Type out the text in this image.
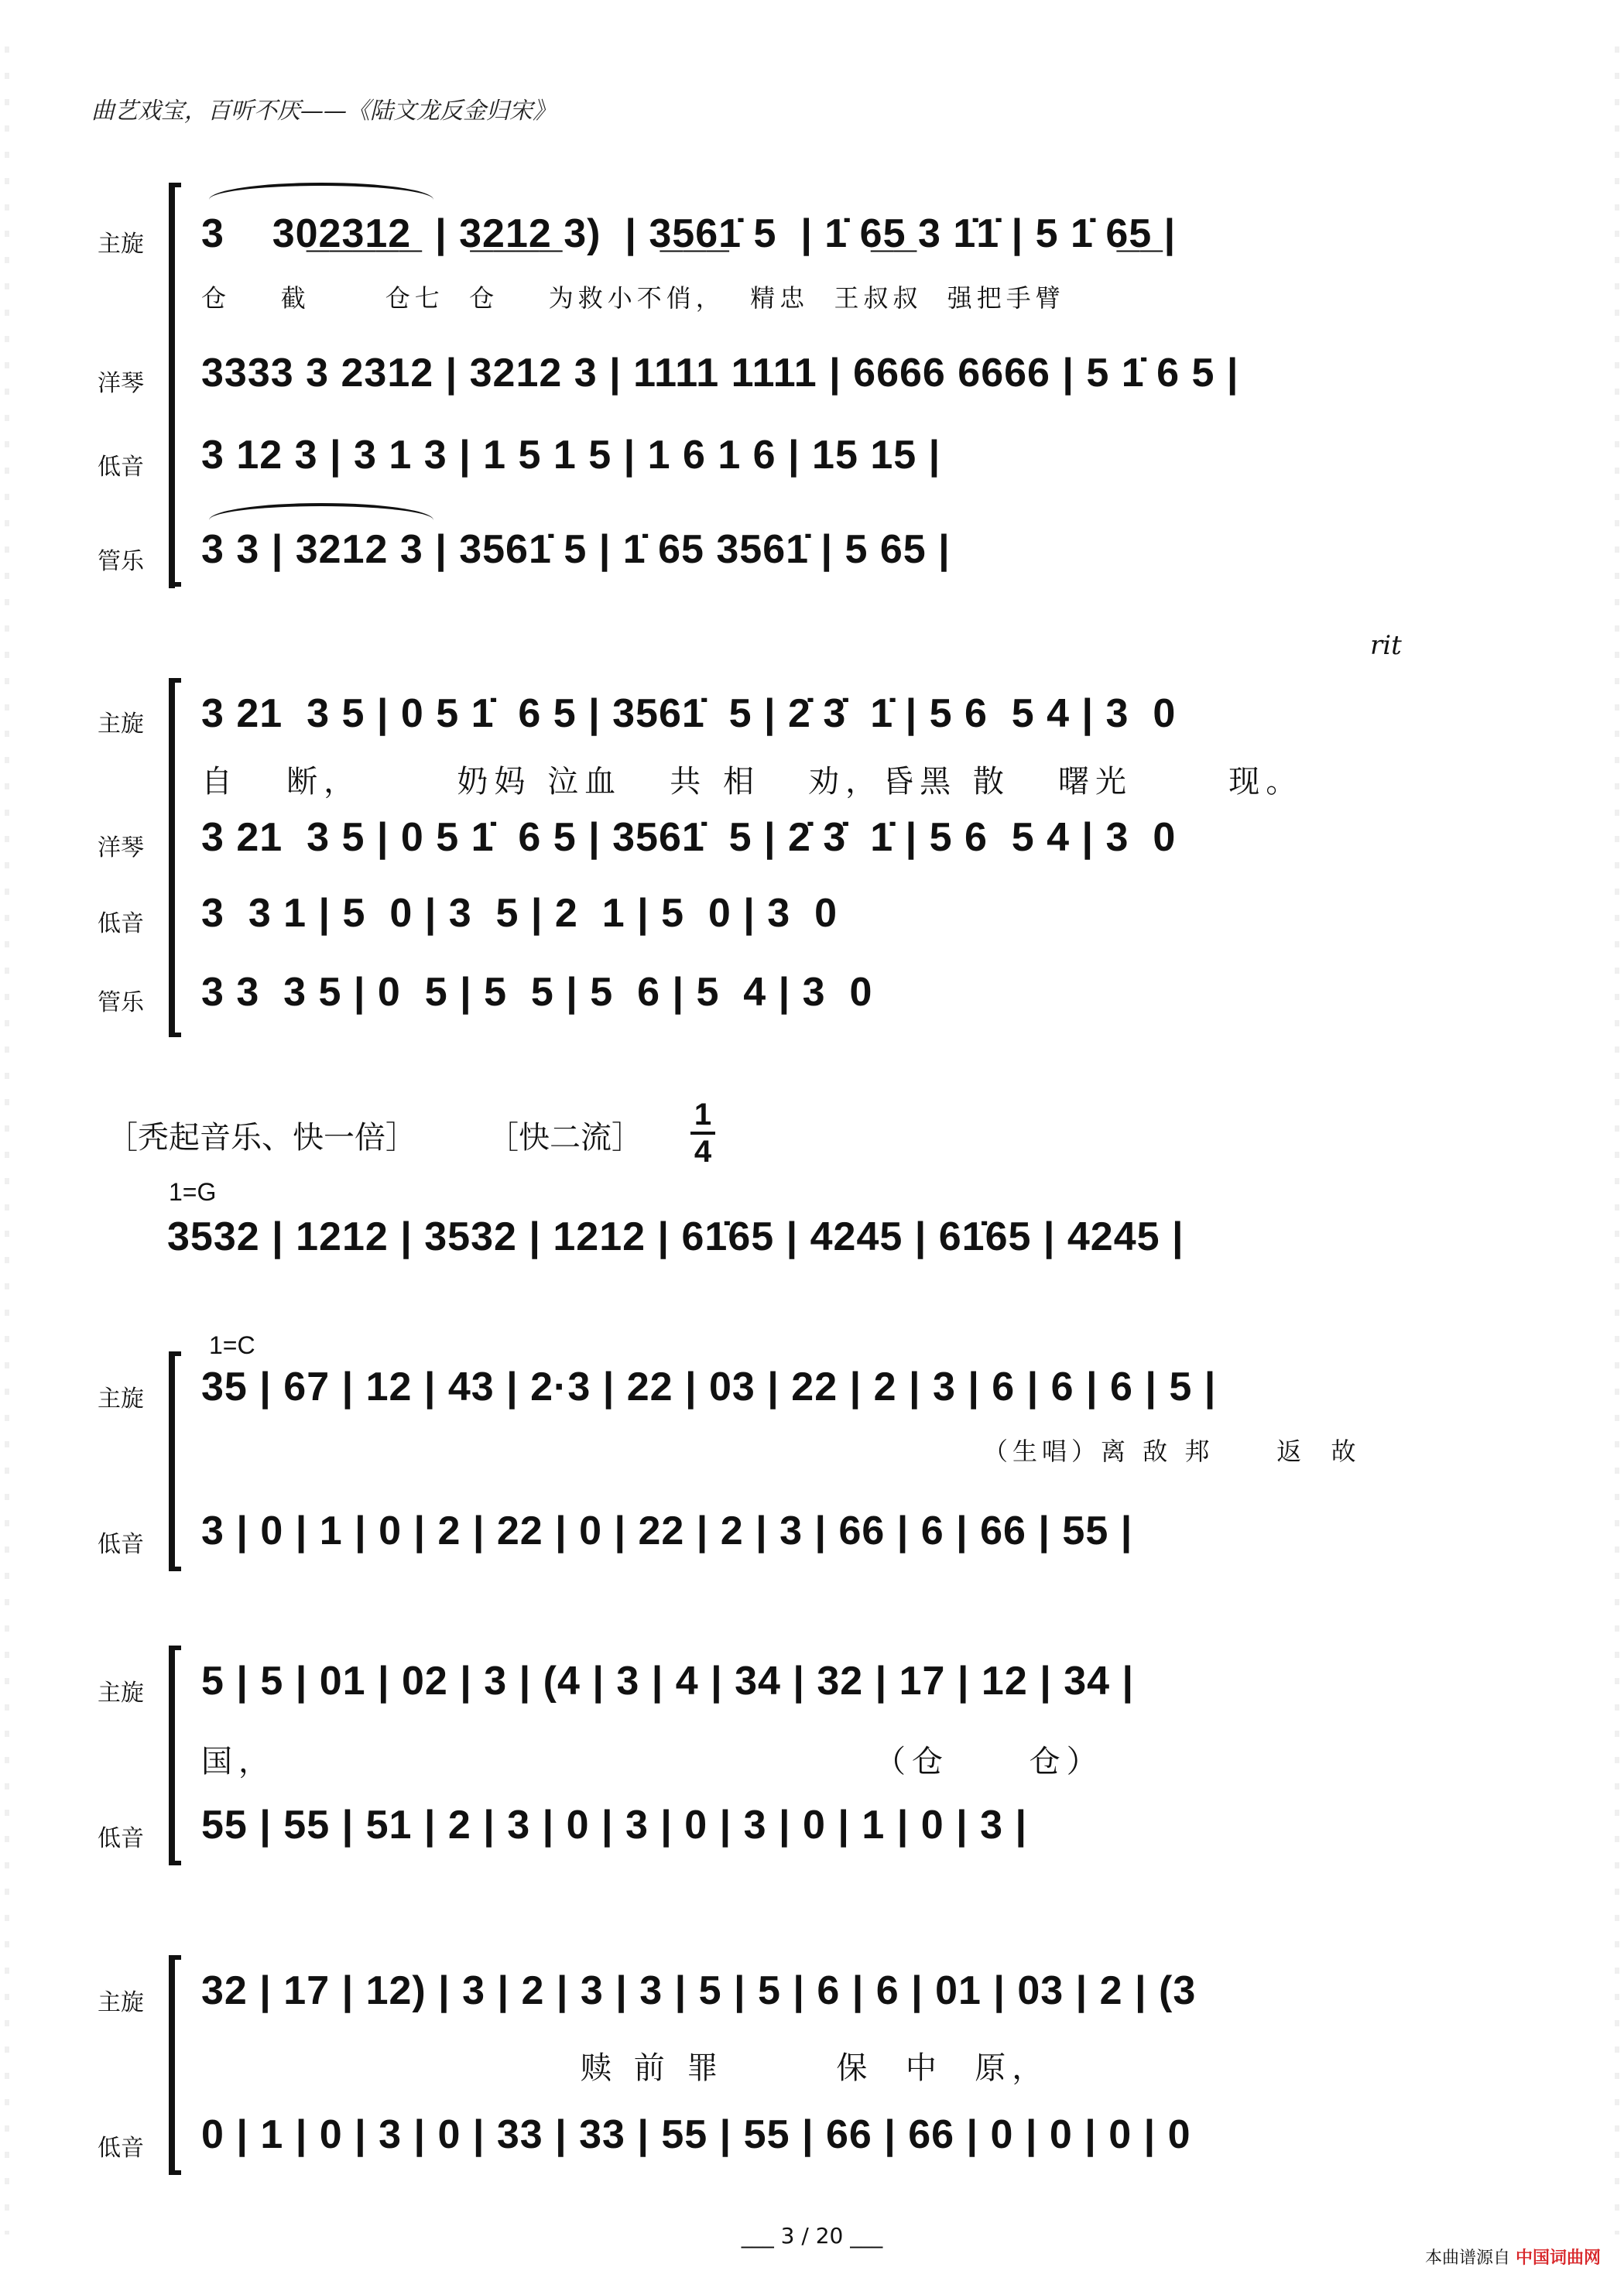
曲艺戏宝，百听不厌——《陆文龙反金归宋》
主旋	3    30̲2̲3̲1̲2̲  | 3̲2̲1̲2̲ 3)  | 3̲5̲6̲1̇ 5  | 1̇ 6̲5̲ 3 1̇1̇ | 5 1̇ 6̲5̲ |
仓    截      仓七  仓    为救小不俏，  精忠  王叔叔  强把手臂
洋琴	3333 3 2312 | 3212 3 | 1111 1111 | 6666 6666 | 5 1̇ 6 5 |
低音	3 12 3 | 3 1 3 | 1 5 1 5 | 1 6 1 6 | 15 15 |
管乐	3 3 | 3212 3 | 3561̇ 5 | 1̇ 65 3561̇ | 5 65 |
主旋	3 21  3 5 | 0 5 1̇  6 5 | 3561̇  5 | 2̇ 3̇  1̇ | 5 6  5 4 | 3  0
rit
自   断，      奶妈 泣血   共 相   劝，昏黑 散   曙光      现。
洋琴	3 21  3 5 | 0 5 1̇  6 5 | 3561̇  5 | 2̇ 3̇  1̇ | 5 6  5 4 | 3  0
低音	3  3 1 | 5  0 | 3  5 | 2  1 | 5  0 | 3  0
管乐	3 3  3 5 | 0  5 | 5  5 | 5  6 | 5  4 | 3  0
［秃起音乐、快一倍］ ［快二流］
1
4
1=G
3532 | 1212 | 3532 | 1212 | 61̇65 | 4245 | 61̇65 | 4245 |
1=C
主旋	35 | 67 | 12 | 43 | 2·3 | 22 | 03 | 22 | 2 | 3 | 6 | 6 | 6 | 5 |
（生唱）离 敌 邦     返  故
低音	3 | 0 | 1 | 0 | 2 | 22 | 0 | 22 | 2 | 3 | 66 | 6 | 66 | 55 |
主旋	5 | 5 | 01 | 02 | 3 | (4 | 3 | 4 | 34 | 32 | 17 | 12 | 34 |
国，	（仓     仓）
低音	55 | 55 | 51 | 2 | 3 | 0 | 3 | 0 | 3 | 0 | 1 | 0 | 3 |
主旋	32 | 17 | 12) | 3 | 2 | 3 | 3 | 5 | 5 | 6 | 6 | 01 | 03 | 2 | (3
赎 前 罪       保  中  原，
低音	0 | 1 | 0 | 3 | 0 | 33 | 33 | 55 | 55 | 66 | 66 | 0 | 0 | 0 | 0
___ 3 / 20 ___
本曲谱源自 中国词曲网
